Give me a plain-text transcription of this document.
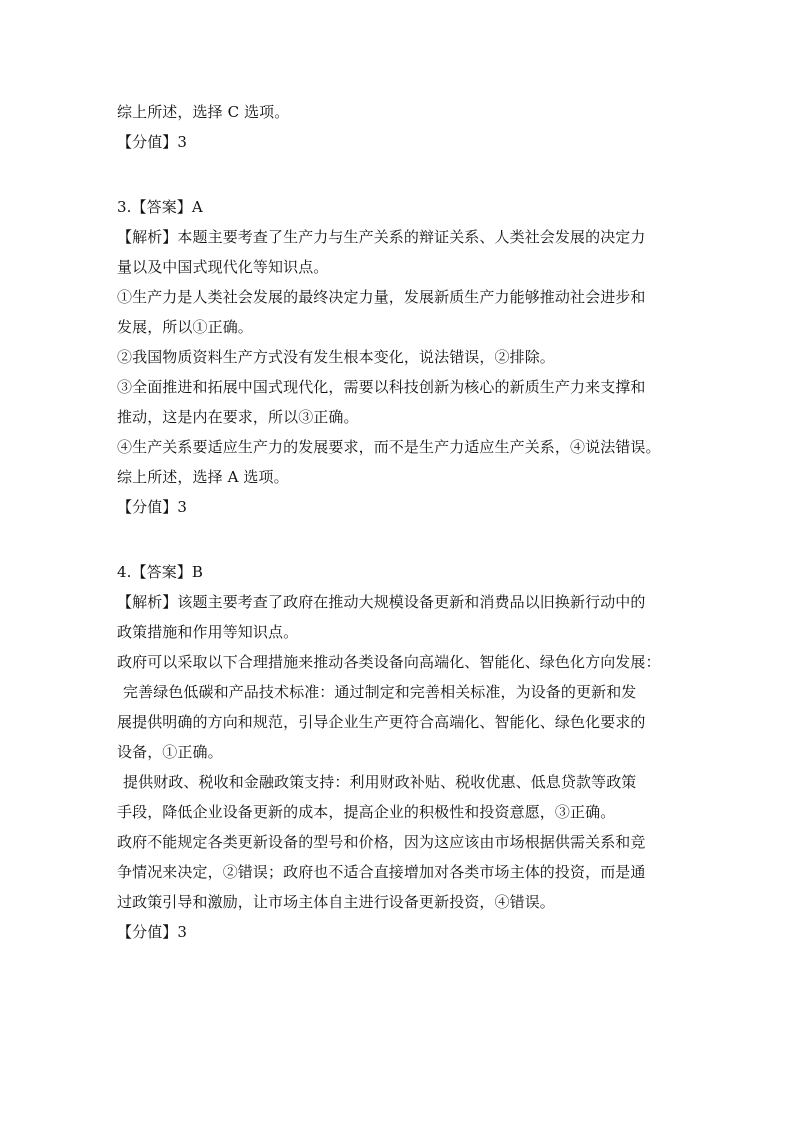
综上所述，选择 C 选项。
【分值】3
3.【答案】A
【解析】本题主要考查了生产力与生产关系的辩证关系、人类社会发展的决定力
量以及中国式现代化等知识点。
①生产力是人类社会发展的最终决定力量，发展新质生产力能够推动社会进步和
发展，所以①正确。
②我国物质资料生产方式没有发生根本变化，说法错误，②排除。
③全面推进和拓展中国式现代化，需要以科技创新为核心的新质生产力来支撑和
推动，这是内在要求，所以③正确。
④生产关系要适应生产力的发展要求，而不是生产力适应生产关系，④说法错误。
综上所述，选择 A 选项。
【分值】3
4.【答案】B
【解析】该题主要考查了政府在推动大规模设备更新和消费品以旧换新行动中的
政策措施和作用等知识点。
政府可以采取以下合理措施来推动各类设备向高端化、智能化、绿色化方向发展：
完善绿色低碳和产品技术标准：通过制定和完善相关标准，为设备的更新和发
展提供明确的方向和规范，引导企业生产更符合高端化、智能化、绿色化要求的
设备，①正确。
提供财政、税收和金融政策支持：利用财政补贴、税收优惠、低息贷款等政策
手段，降低企业设备更新的成本，提高企业的积极性和投资意愿，③正确。
政府不能规定各类更新设备的型号和价格，因为这应该由市场根据供需关系和竞
争情况来决定，②错误；政府也不适合直接增加对各类市场主体的投资，而是通
过政策引导和激励，让市场主体自主进行设备更新投资，④错误。
【分值】3
